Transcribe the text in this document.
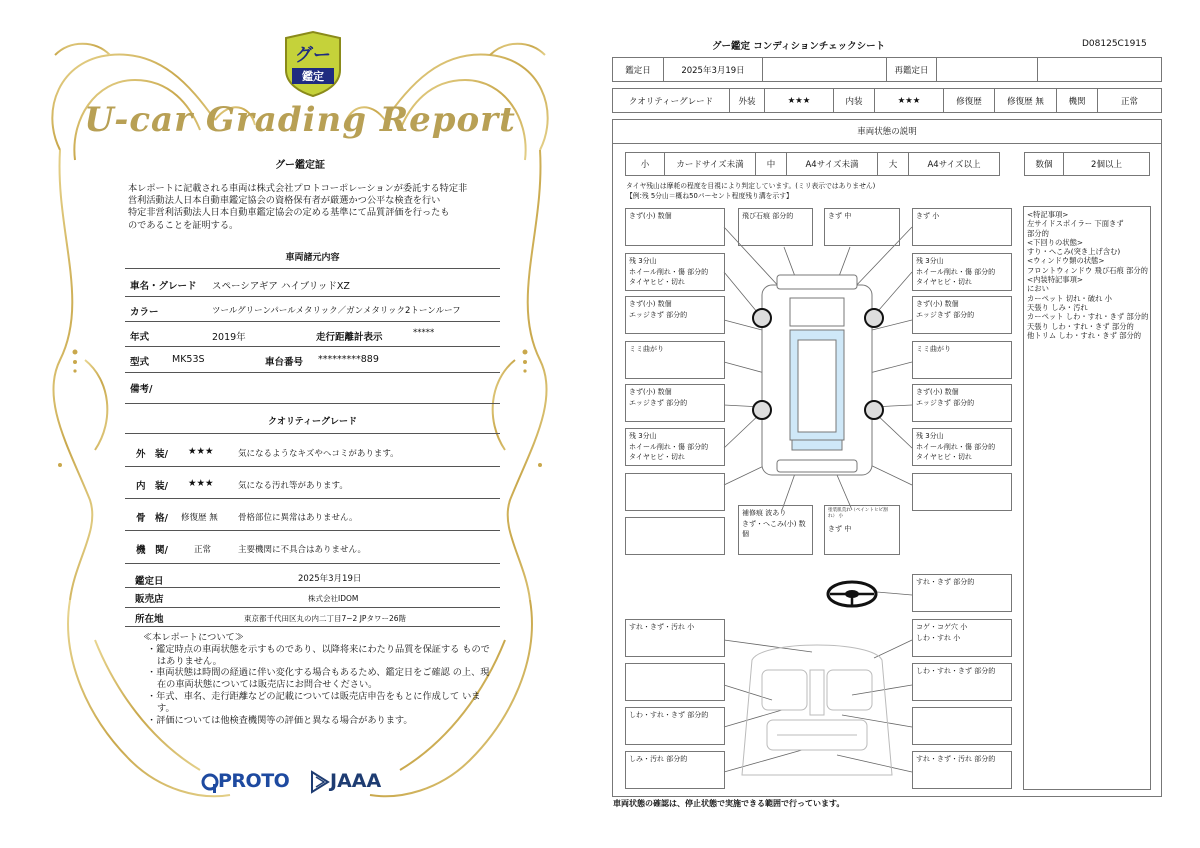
グー
鑑定
U-car Grading Report
グー鑑定証
本レポートに記載される車両は株式会社プロトコーポレーションが委託する特定非
営利活動法人日本自動車鑑定協会の資格保有者が厳選かつ公平な検査を行い
特定非営利活動法人日本自動車鑑定協会の定める基準にて品質評価を行ったも
のであることを証明する。
車両諸元内容
車名・グレード スペーシアギア ハイブリッドXZ
カラー	ツールグリーンパールメタリック／ガンメタリック2トーンルーフ
年式	2019年	走行距離計表示	*****
型式 MK53S	車台番号 *********889
備考/
クオリティーグレード
外　装/ ★★★	気になるようなキズやヘコミがあります。
内　装/ ★★★	気になる汚れ等があります。
骨　格/ 修復歴 無 骨格部位に異常はありません。
機　関/	正常	主要機関に不具合はありません。
鑑定日	2025年3月19日
販売店	株式会社IDOM
所在地	東京都千代田区丸の内二丁目7−2 JPタワー26階
≪本レポートについて≫
・鑑定時点の車両状態を示すものであり、以降将来にわたり品質を保証する ものではありません。
・車両状態は時間の経過に伴い変化する場合もあるため、鑑定日をご確認 の上、現在の車両状態については販売店にお問合せください。
・年式、車名、走行距離などの記載については販売店申告をもとに作成して います。
・評価については他検査機関等の評価と異なる場合があります。
PROTO JAAA
グー鑑定 コンディションチェックシート	D08125C1915
鑑定日	2025年3月19日	再鑑定日
クオリティーグレード	外装	★★★	内装	★★★	修復歴	修復歴 無	機関	正常
車両状態の説明
小	カードサイズ未満	中	A4サイズ未満	大	A4サイズ以上	数個	2個以上
タイヤ残山は摩耗の程度を目視により判定しています。(ミリ表示ではありません)
【例:残 5分山＝概ね50パーセント程度残り溝を示す】
きず(小) 数個	飛び石痕 部分的	きず 中	きず 小
残 3分山
ホイール削れ・傷 部分的
タイヤヒビ・切れ
残 3分山
ホイール削れ・傷 部分的
タイヤヒビ・切れ
きず(小) 数個
エッジきず 部分的
きず(小) 数個
エッジきず 部分的
ミミ曲がり	ミミ曲がり
きず(小) 数個
エッジきず 部分的
きず(小) 数個
エッジきず 部分的
残 3分山
ホイール削れ・傷 部分的
タイヤヒビ・切れ
残 3分山
ホイール削れ・傷 部分的
タイヤヒビ・切れ
補修痕 波あり
きず・へこみ(小) 数個
塗装肌荒れ（ペイントヒビ割れ） 小
きず 中
すれ・きず 部分的
すれ・きず・汚れ 小	コゲ・コゲ穴 小
しわ・すれ 小
しわ・すれ・きず 部分的
しわ・すれ・きず 部分的
しみ・汚れ 部分的	すれ・きず・汚れ 部分的
<特記事項>
左サイドスポイラー 下面きず
部分的
<下回りの状態>
すり・へこみ(突き上げ含む)
<ウィンドウ類の状態>
フロントウィンドウ 飛び石痕 部分的
<内装特記事項>
におい
カーペット 切れ・破れ 小
天張り しみ・汚れ
カーペット しわ・すれ・きず 部分的
天張り しわ・すれ・きず 部分的
他トリム しわ・すれ・きず 部分的
車両状態の確認は、停止状態で実施できる範囲で行っています。
